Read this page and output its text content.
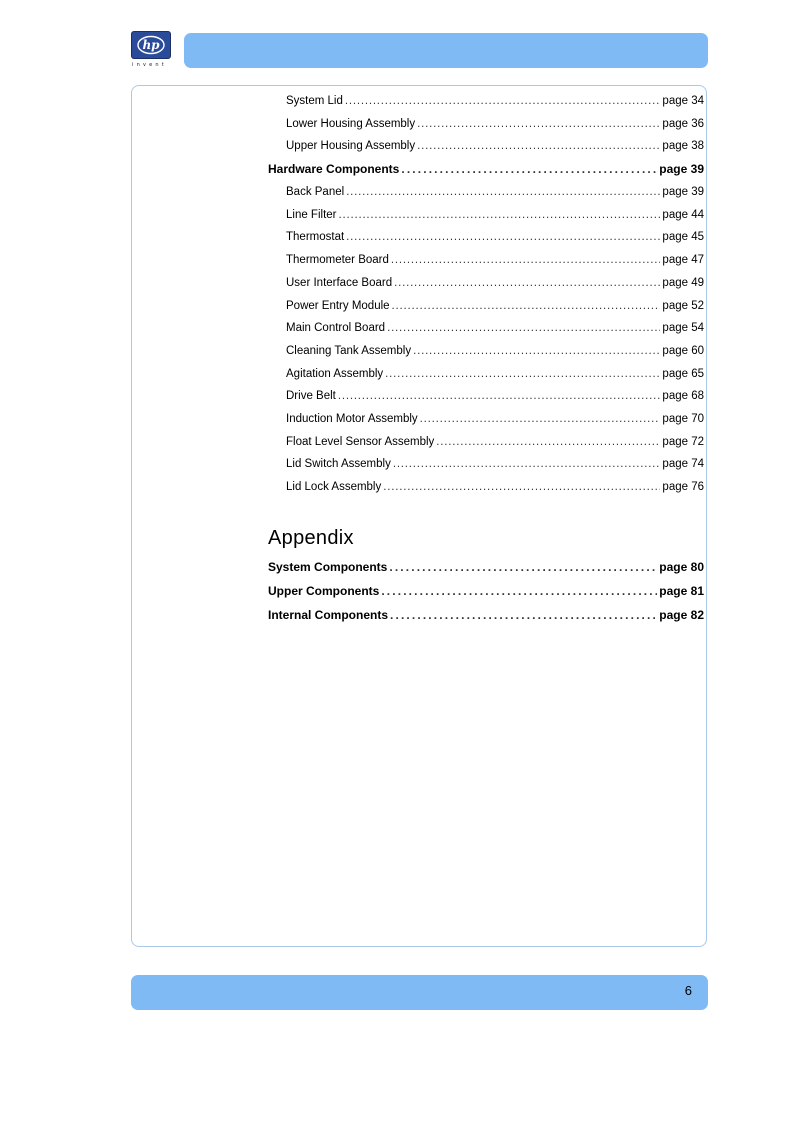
hp
invent
System Lid . . .	page 34
Lower Housing Assembly . . .	page 36
Upper Housing Assembly . . .	page 38
Hardware Components . . .	page 39
Back Panel . . .	page 39
Line Filter . . .	page 44
Thermostat . . .	page 45
Thermometer Board . . .	page 47
User Interface Board . . .	page 49
Power Entry Module . . .	page 52
Main Control Board . . .	page 54
Cleaning Tank Assembly . . .	page 60
Agitation Assembly . . .	page 65
Drive Belt . . .	page 68
Induction Motor Assembly . . .	page 70
Float Level Sensor Assembly . . .	page 72
Lid Switch Assembly . . .	page 74
Lid Lock Assembly . . .	page 76
Appendix
System Components . . .	page 80
Upper Components . . .	page 81
Internal Components . . .	page 82
6
